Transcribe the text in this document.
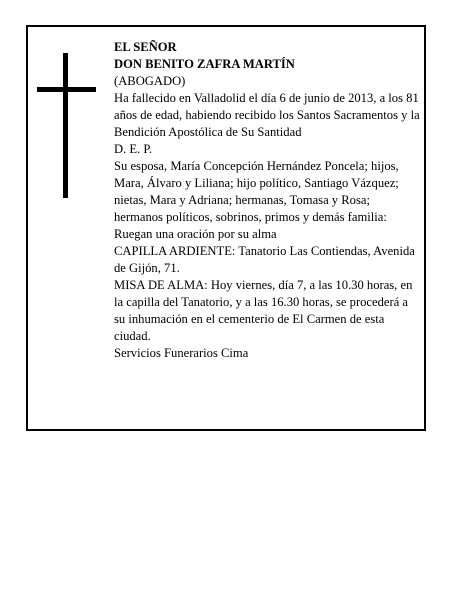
EL SEÑOR

DON BENITO ZAFRA MARTÍN

(ABOGADO)

Ha fallecido en Valladolid el día 6 de junio de 2013, a los 81 años de edad, habiendo recibido los Santos Sacramentos y la Bendición Apostólica de Su Santidad

D. E. P.

Su esposa, María Concepción Hernández Poncela; hijos, Mara, Álvaro y Liliana; hijo político, Santiago Vázquez; nietas, Mara y Adriana; hermanas, Tomasa y Rosa; hermanos políticos, sobrinos, primos y demás familia:

Ruegan una oración por su alma

CAPILLA ARDIENTE: Tanatorio Las Contiendas, Avenida de Gijón, 71.

MISA DE ALMA: Hoy viernes, día 7, a las 10.30 horas, en la capilla del Tanatorio, y a las 16.30 horas, se procederá a su inhumación en el cementerio de El Carmen de esta ciudad.

Servicios Funerarios Cima
